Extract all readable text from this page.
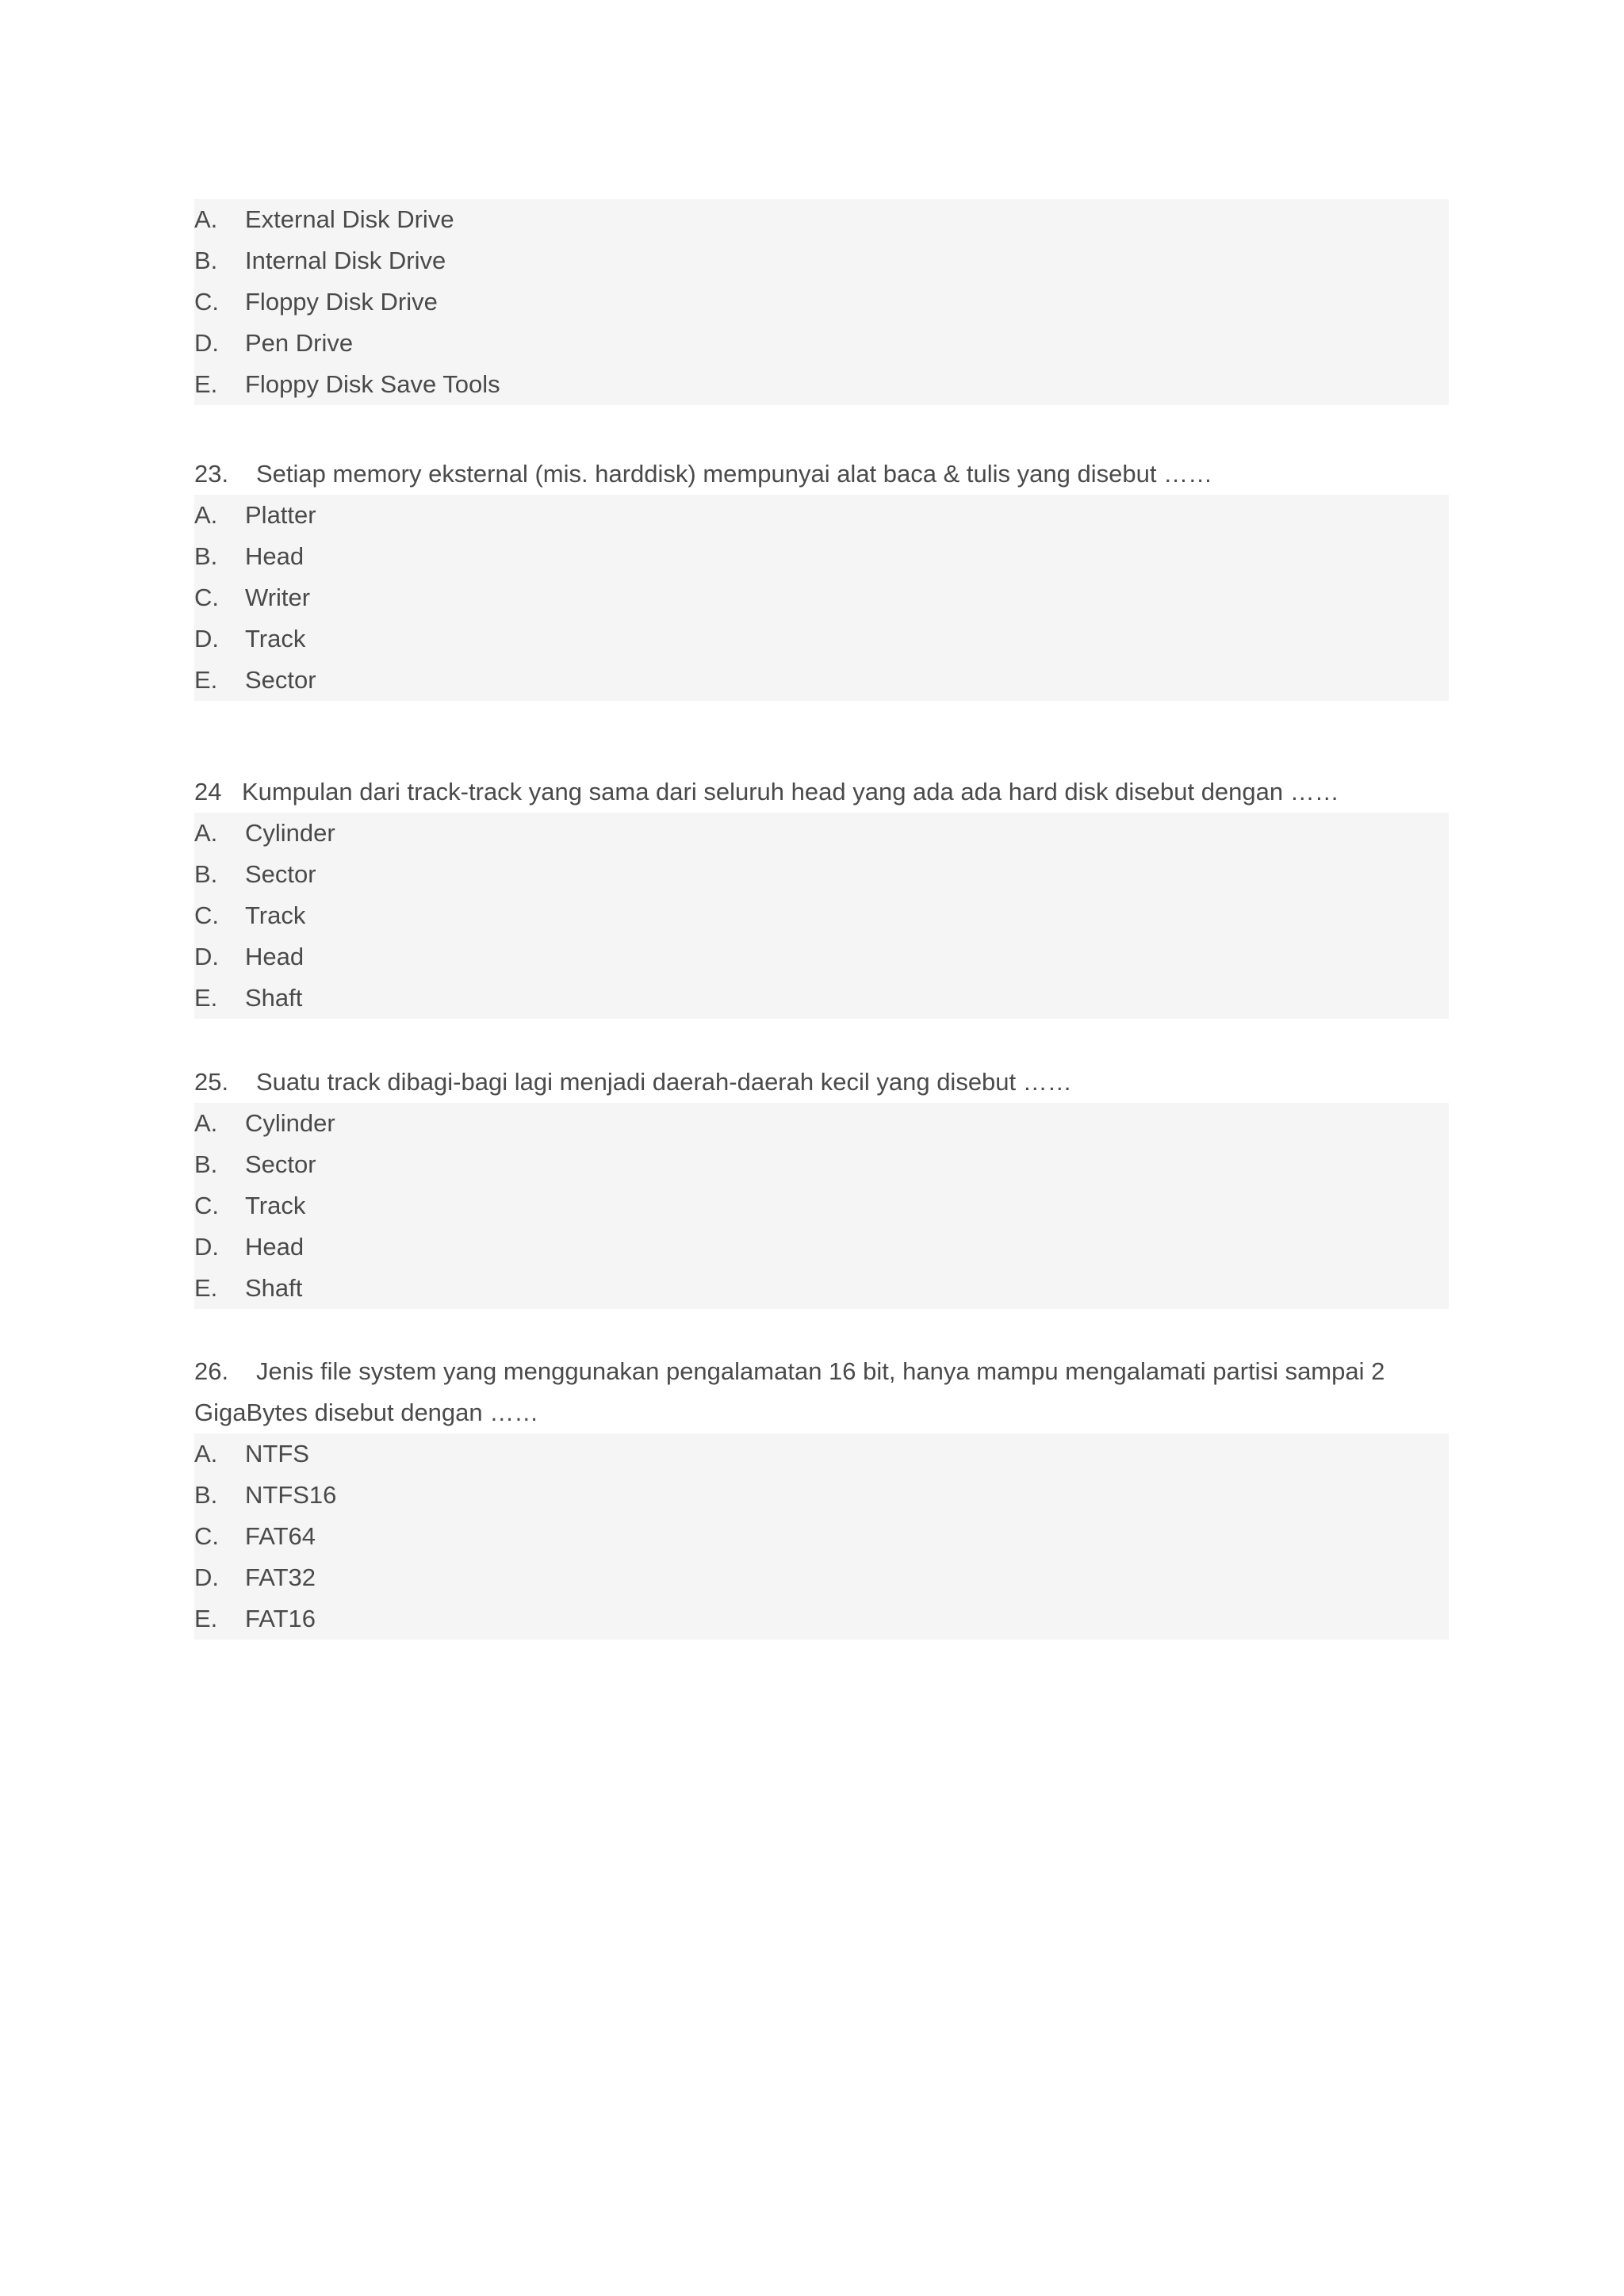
A. External Disk Drive
B. Internal Disk Drive
C. Floppy Disk Drive
D. Pen Drive
E. Floppy Disk Save Tools
23. Setiap memory eksternal (mis. harddisk) mempunyai alat baca & tulis yang disebut ……
A. Platter
B. Head
C. Writer
D. Track
E. Sector
24 Kumpulan dari track-track yang sama dari seluruh head yang ada ada hard disk disebut dengan ……
A. Cylinder
B. Sector
C. Track
D. Head
E. Shaft
25. Suatu track dibagi-bagi lagi menjadi daerah-daerah kecil yang disebut ……
A. Cylinder
B. Sector
C. Track
D. Head
E. Shaft
26. Jenis file system yang menggunakan pengalamatan 16 bit, hanya mampu mengalamati partisi sampai 2 GigaBytes disebut dengan ……
A. NTFS
B. NTFS16
C. FAT64
D. FAT32
E. FAT16
